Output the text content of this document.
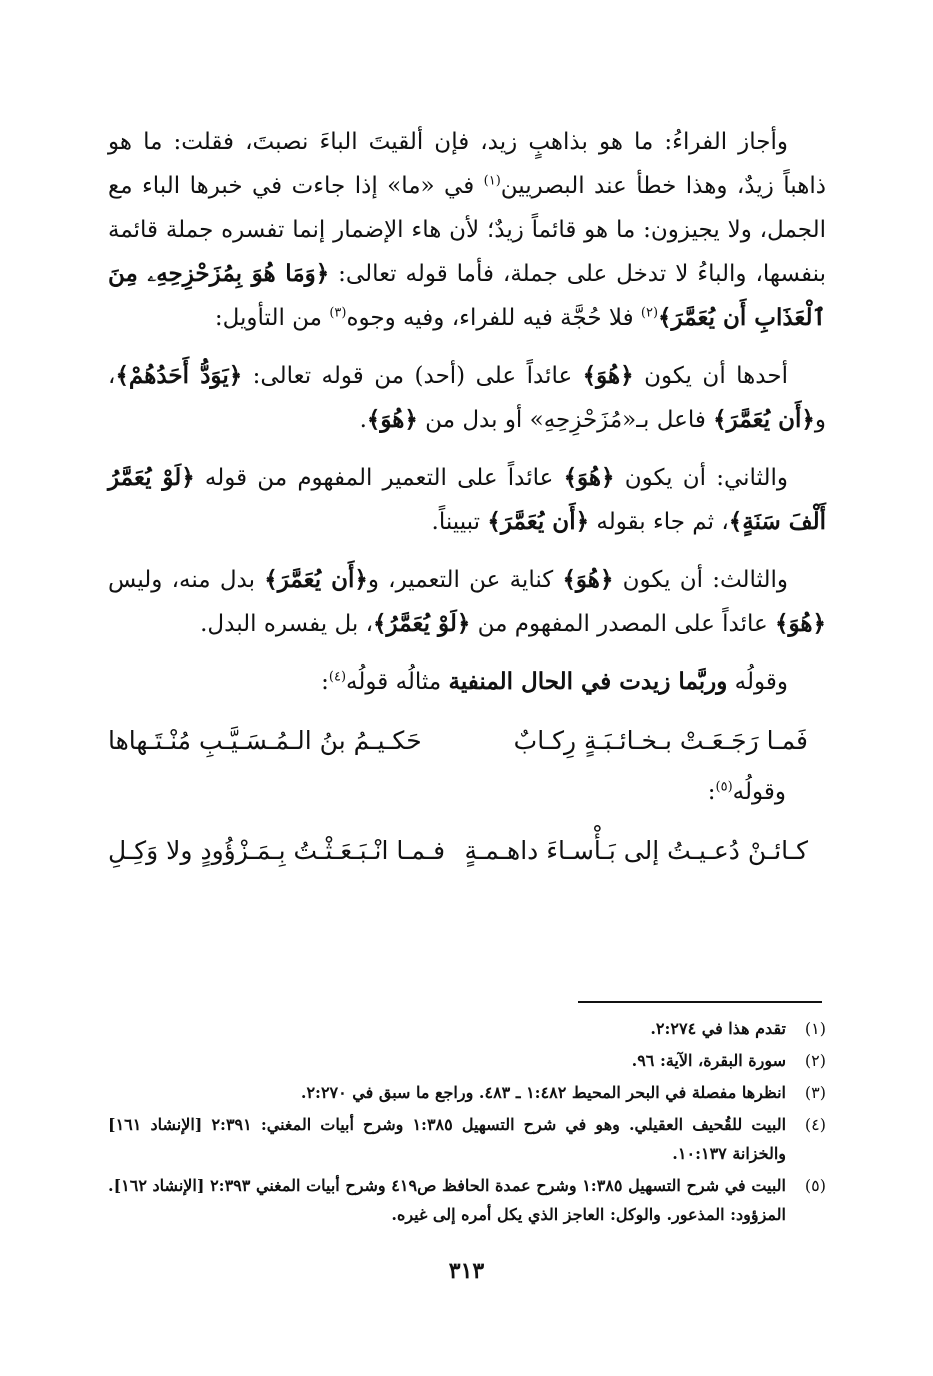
وأجاز الفراءُ: ما هو بذاهبٍ زيد، فإن ألقيتَ الباءَ نصبتَ، فقلت: ما هو ذاهباً زيدٌ، وهذا خطأ عند البصريين$^{(١)}$ في «ما» إذا جاءت في خبرها الباء مع الجمل، ولا يجيزون: ما هو قائماً زيدٌ؛ لأن هاء الإضمار إنما تفسره جملة قائمة بنفسها، والباءُ لا تدخل على جملة، فأما قوله تعالى: ﴿وَمَا هُوَ بِمُزَحْزِحِهِۦ مِنَ ٱلْعَذَابِ أَن يُعَمَّرَ﴾$^{(٢)}$ فلا حُجَّة فيه للفراء، وفيه وجوه$^{(٣)}$ من التأويل:

أحدها أن يكون ﴿هُوَ﴾ عائداً على (أحد) من قوله تعالى: ﴿يَوَدُّ أَحَدُهُمْ﴾، و﴿أَن يُعَمَّرَ﴾ فاعل بـ«مُزَحْزِحِهِ» أو بدل من ﴿هُوَ﴾.

والثاني: أن يكون ﴿هُوَ﴾ عائداً على التعمير المفهوم من قوله ﴿لَوْ يُعَمَّرُ أَلْفَ سَنَةٍ﴾، ثم جاء بقوله ﴿أَن يُعَمَّرَ﴾ تبييناً.

والثالث: أن يكون ﴿هُوَ﴾ كناية عن التعمير، و﴿أَن يُعَمَّرَ﴾ بدل منه، وليس ﴿هُوَ﴾ عائداً على المصدر المفهوم من ﴿لَوْ يُعَمَّرُ﴾، بل يفسره البدل.

وقولُه وربَّما زيدت في الحال المنفية مثالُه قولُه$^{(٤)}$:

فَمـا رَجَـعَـتْ بـخـائـبَـةٍ رِكـابٌ
حَكـيـمُ بنُ الـمُـسَـيَّـبِ مُنْـتَـهاها
وقولُه$^{(٥)}$:
كـائـنْ دُعـيـتُ إلى بَـأْسـاءَ داهـمـةٍ
فـمـا انْـبَـعَـثْـتُ بِـمَـزْؤُودٍ ولا وَكِـلِ
(١)
تقدم هذا في ٢:٢٧٤.
(٢)
سورة البقرة، الآية: ٩٦.
(٣)
انظرها مفصلة في البحر المحيط ١:٤٨٢ ـ ٤٨٣. وراجع ما سبق في ٢:٢٧٠.
(٤)
البيت للقُحيف العقيلي. وهو في شرح التسهيل ١:٣٨٥ وشرح أبيات المغني: ٢:٣٩١ [الإنشاد ١٦١] والخزانة ١٠:١٣٧.
(٥)
البيت في شرح التسهيل ١:٣٨٥ وشرح عمدة الحافظ ص٤١٩ وشرح أبيات المغني ٢:٣٩٣ [الإنشاد ١٦٢]. المزؤود: المذعور. والوكل: العاجز الذي يكل أمره إلى غيره.
٣١٣
